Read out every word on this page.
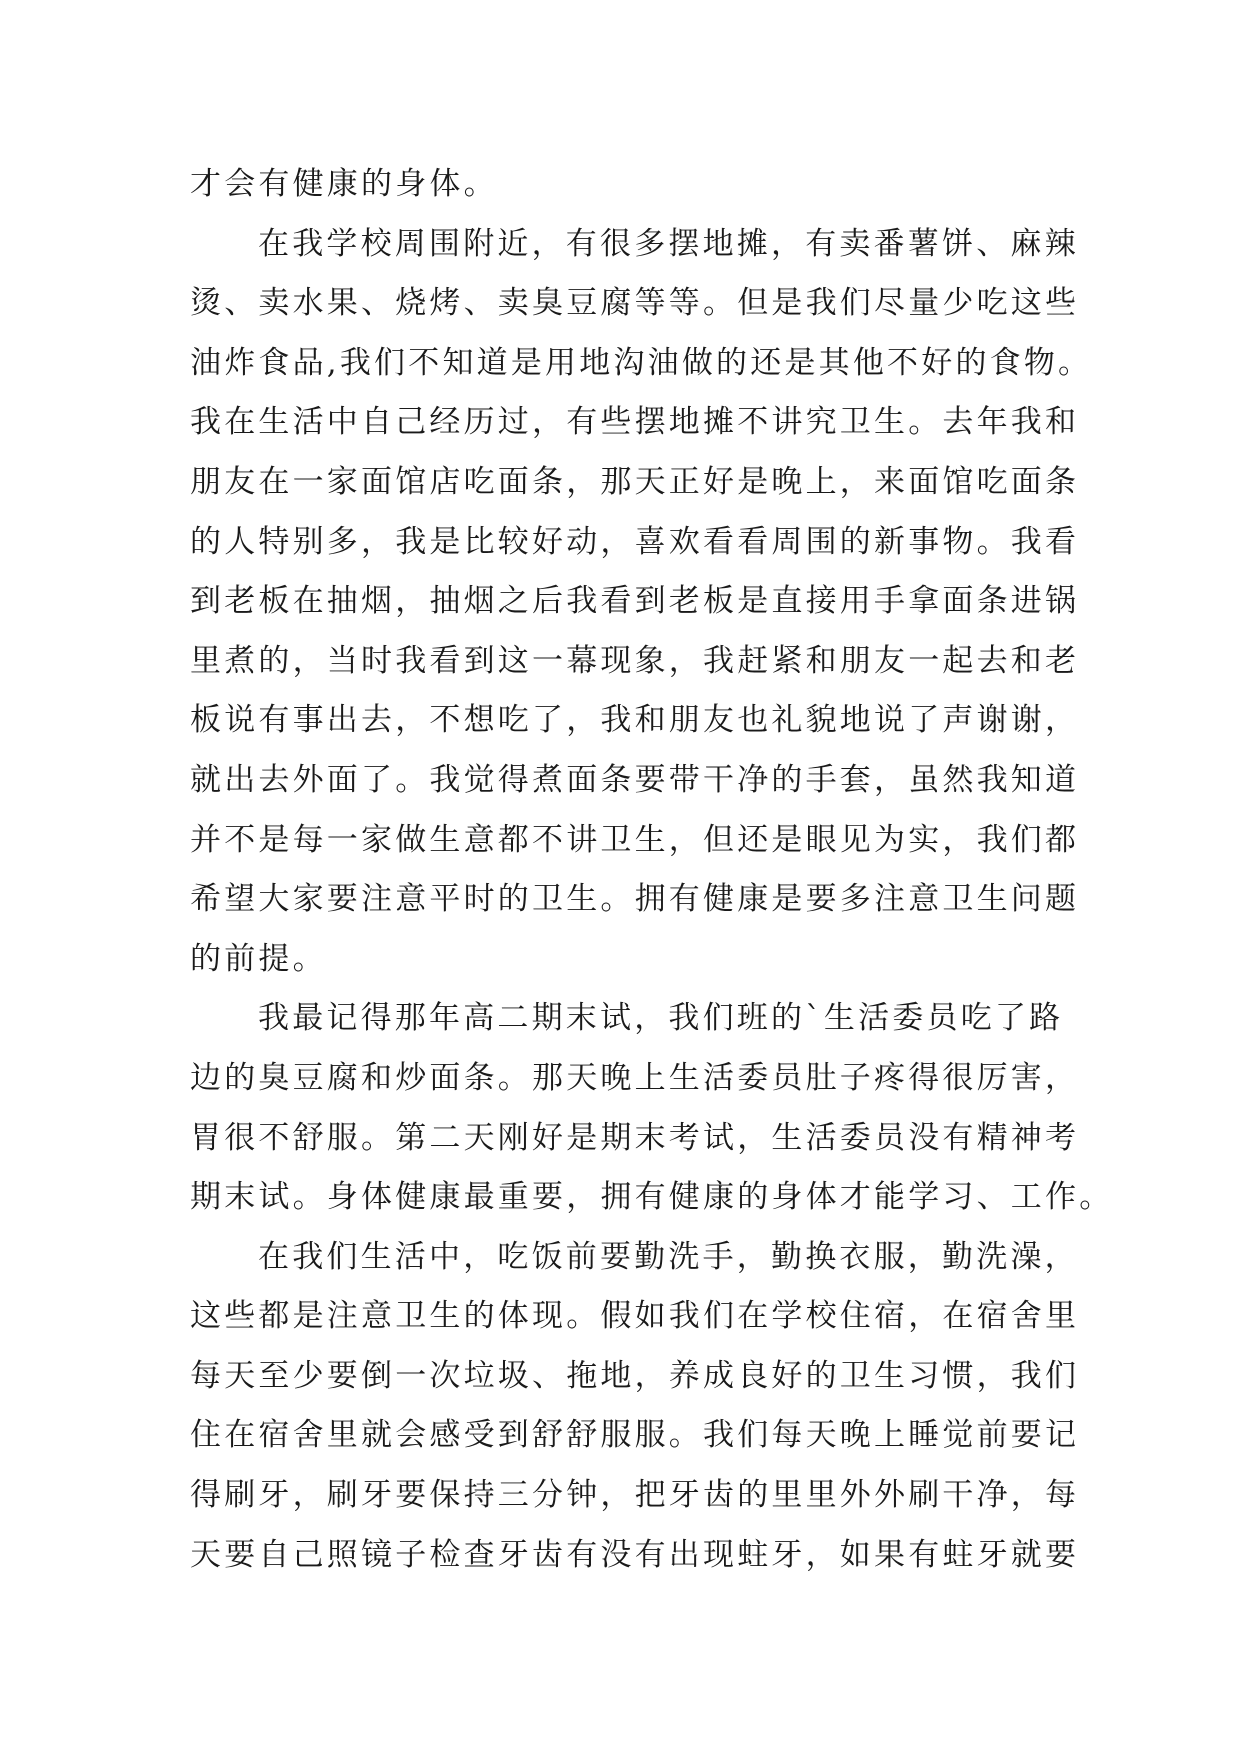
才会有健康的身体。
在我学校周围附近，有很多摆地摊，有卖番薯饼、麻辣
烫、卖水果、烧烤、卖臭豆腐等等。但是我们尽量少吃这些
油炸食品,我们不知道是用地沟油做的还是其他不好的食物。
我在生活中自己经历过，有些摆地摊不讲究卫生。去年我和
朋友在一家面馆店吃面条，那天正好是晚上，来面馆吃面条
的人特别多，我是比较好动，喜欢看看周围的新事物。我看
到老板在抽烟，抽烟之后我看到老板是直接用手拿面条进锅
里煮的，当时我看到这一幕现象，我赶紧和朋友一起去和老
板说有事出去，不想吃了，我和朋友也礼貌地说了声谢谢，
就出去外面了。我觉得煮面条要带干净的手套，虽然我知道
并不是每一家做生意都不讲卫生，但还是眼见为实，我们都
希望大家要注意平时的卫生。拥有健康是要多注意卫生问题
的前提。
我最记得那年高二期末试，我们班的`生活委员吃了路
边的臭豆腐和炒面条。那天晚上生活委员肚子疼得很厉害，
胃很不舒服。第二天刚好是期末考试，生活委员没有精神考
期末试。身体健康最重要，拥有健康的身体才能学习、工作。
在我们生活中，吃饭前要勤洗手，勤换衣服，勤洗澡，
这些都是注意卫生的体现。假如我们在学校住宿，在宿舍里
每天至少要倒一次垃圾、拖地，养成良好的卫生习惯，我们
住在宿舍里就会感受到舒舒服服。我们每天晚上睡觉前要记
得刷牙，刷牙要保持三分钟，把牙齿的里里外外刷干净，每
天要自己照镜子检查牙齿有没有出现蛀牙，如果有蛀牙就要
